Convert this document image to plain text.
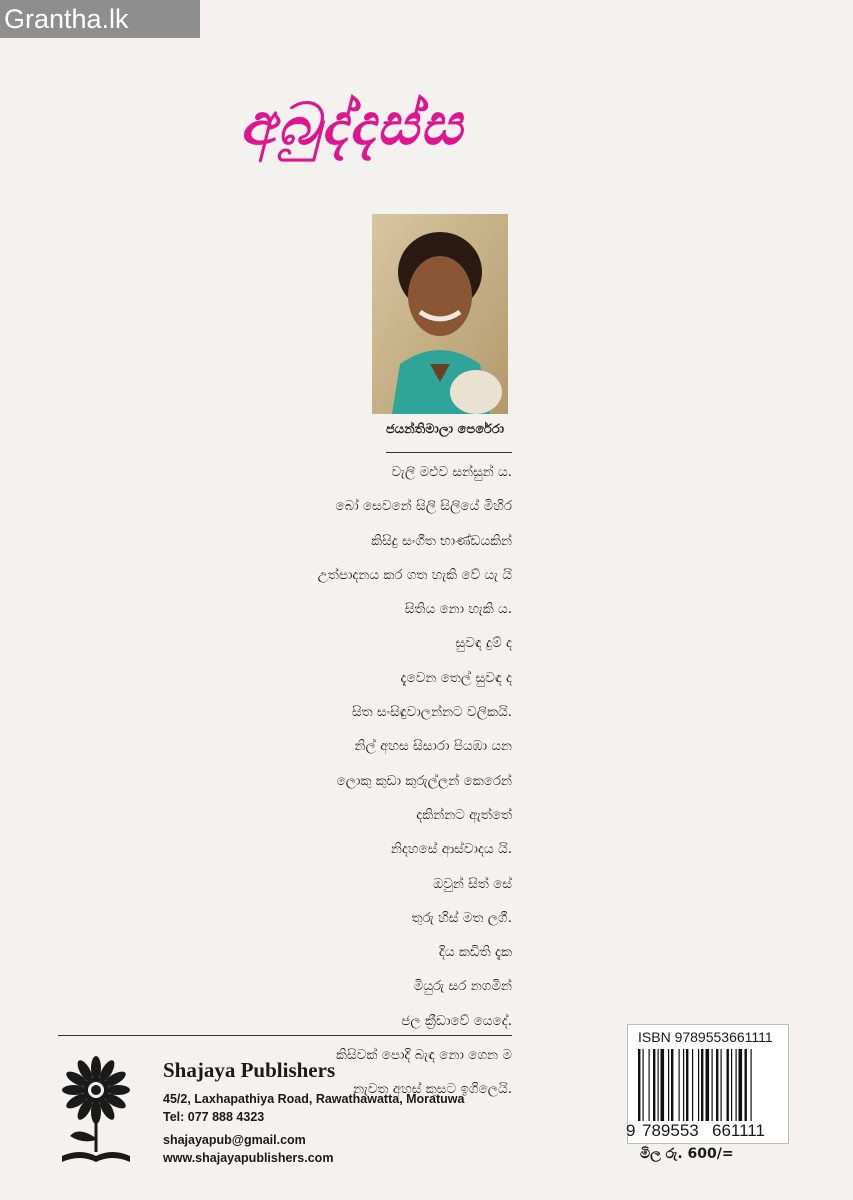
Grantha.lk
අබුද්දස්ස
ජයන්තිමාලා පෙරේරා
වැලි මළුව සන්සුන් ය.
බෝ සෙවනේ සිලි සිලියේ මිහිර
කිසිදු සංගීත භාණ්ඩයකින්
උත්පාදනය කර ගත හැකි වේ යැ යි
සිතිය නො හැකි ය.
සුවඳ දුම් ද
දැවෙන තෙල් සුවඳ ද
සිත සංසිඳුවාලන්නට වලිකයි.
නිල් අහස සිසාරා පියඹා යන
ලොකු කුඩා කුරුල්ලන් කෙරෙන්
දකින්නට ඇත්තේ
නිදහසේ ආස්වාදය යි.
ඔවුන් සිත් සේ
තුරු හිස් මත ලගී.
දිය කඩිති දැක
මියුරු සර නගමින්
ජල ක්‍රීඩාවේ යෙදේ.
කිසිවක් පොදි බැඳ නො ගෙන ම
නැවත අහස් කුසට ඉගිලෙයි.
Shajaya Publishers
45/2, Laxhapathiya Road, Rawathawatta, Moratuwa
Tel: 077 888 4323
shajayapub@gmail.com
www.shajayapublishers.com
ISBN 9789553661111
9 789553 661111
මිල රු. 600/=
